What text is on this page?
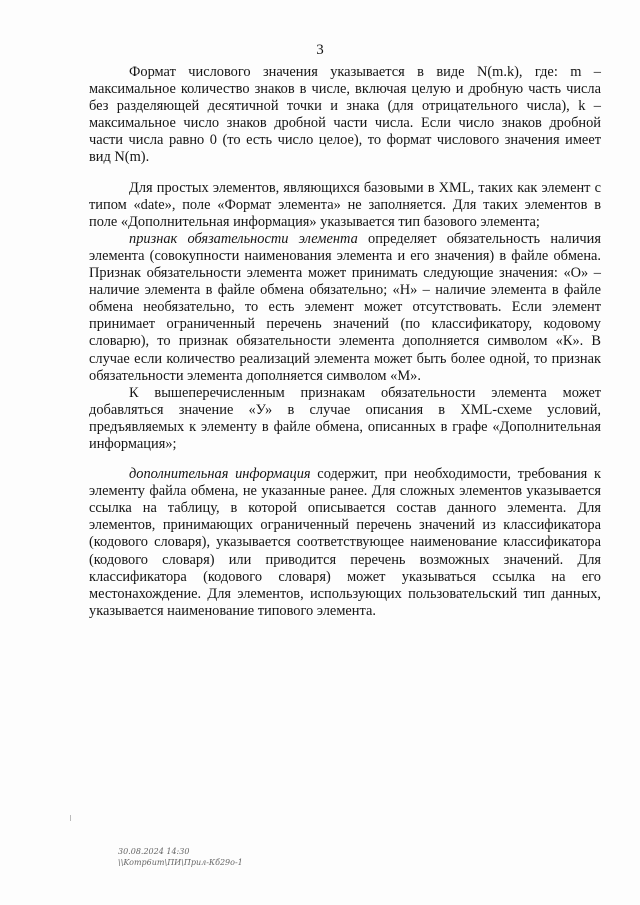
3

Формат числового значения указывается в виде N(m.k), где: m – максимальное количество знаков в числе, включая целую и дробную часть числа без разделяющей десятичной точки и знака (для отрицательного числа), k – максимальное число знаков дробной части числа. Если число знаков дробной части числа равно 0 (то есть число целое), то формат числового значения имеет вид N(m).

Для простых элементов, являющихся базовыми в XML, таких как элемент с типом «date», поле «Формат элемента» не заполняется. Для таких элементов в поле «Дополнительная информация» указывается тип базового элемента;

признак обязательности элемента определяет обязательность наличия элемента (совокупности наименования элемента и его значения) в файле обмена. Признак обязательности элемента может принимать следующие значения: «О» – наличие элемента в файле обмена обязательно; «Н» – наличие элемента в файле обмена необязательно, то есть элемент может отсутствовать. Если элемент принимает ограниченный перечень значений (по классификатору, кодовому словарю), то признак обязательности элемента дополняется символом «К». В случае если количество реализаций элемента может быть более одной, то признак обязательности элемента дополняется символом «М».

К вышеперечисленным признакам обязательности элемента может добавляться значение «У» в случае описания в XML-схеме условий, предъявляемых к элементу в файле обмена, описанных в графе «Дополнительная информация»;

дополнительная информация содержит, при необходимости, требования к элементу файла обмена, не указанные ранее. Для сложных элементов указывается ссылка на таблицу, в которой описывается состав данного элемента. Для элементов, принимающих ограниченный перечень значений из классификатора (кодового словаря), указывается соответствующее наименование классификатора (кодового словаря) или приводится перечень возможных значений. Для классификатора (кодового словаря) может указываться ссылка на его местонахождение. Для элементов, использующих пользовательский тип данных, указывается наименование типового элемента.

30.08.2024 14:30
\\Komp6um\ПИ\Прил-Кб29о-1
